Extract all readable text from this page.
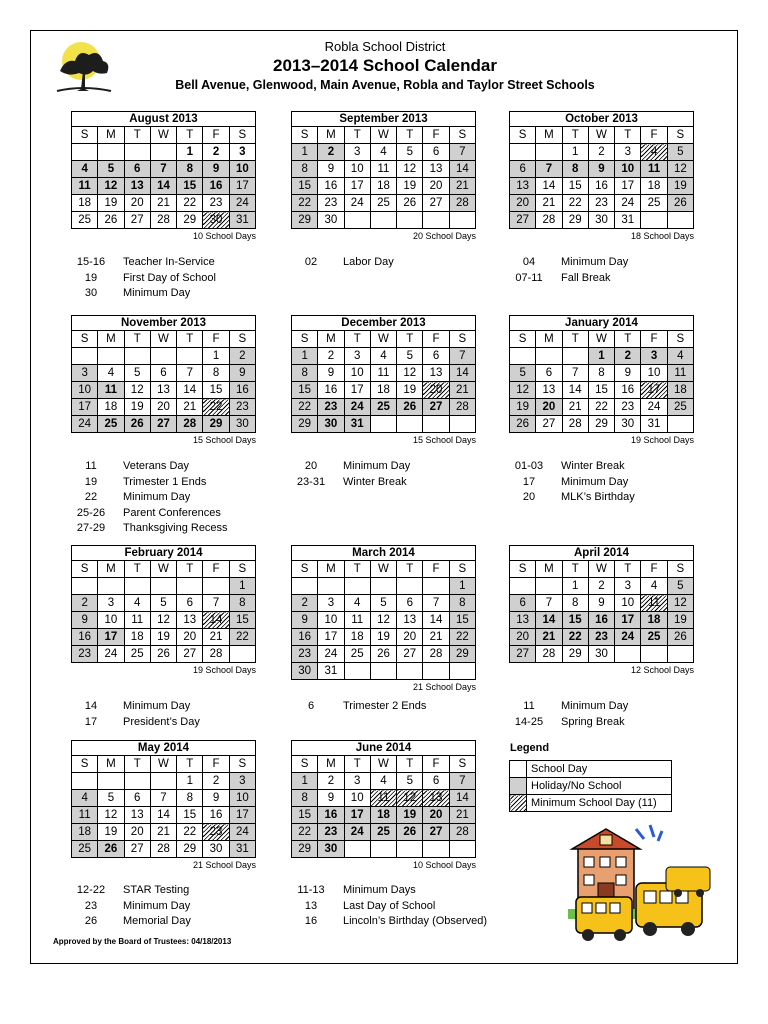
Robla School District
2013–2014 School Calendar
Bell Avenue, Glenwood, Main Avenue, Robla and Taylor Street Schools
August 2013
S	M	T	W	T	F	S
				1	2	3
4	5	6	7	8	9	10
11	12	13	14	15	16	17
18	19	20	21	22	23	24
25	26	27	28	29	30	31
10 School Days
15-16 Teacher In-Service
19 First Day of School
30 Minimum Day
September 2013
S	M	T	W	T	F	S
1	2	3	4	5	6	7
8	9	10	11	12	13	14
15	16	17	18	19	20	21
22	23	24	25	26	27	28
29	30					
20 School Days
02 Labor Day
October 2013
S	M	T	W	T	F	S
		1	2	3	4	5
6	7	8	9	10	11	12
13	14	15	16	17	18	19
20	21	22	23	24	25	26
27	28	29	30	31		
18 School Days
04 Minimum Day
07-11 Fall Break
November 2013
S	M	T	W	T	F	S
					1	2
3	4	5	6	7	8	9
10	11	12	13	14	15	16
17	18	19	20	21	22	23
24	25	26	27	28	29	30
15 School Days
11 Veterans Day
19 Trimester 1 Ends
22 Minimum Day
25-26 Parent Conferences
27-29 Thanksgiving Recess
December 2013
S	M	T	W	T	F	S
1	2	3	4	5	6	7
8	9	10	11	12	13	14
15	16	17	18	19	20	21
22	23	24	25	26	27	28
29	30	31				
15 School Days
20 Minimum Day
23-31 Winter Break
January 2014
S	M	T	W	T	F	S
			1	2	3	4
5	6	7	8	9	10	11
12	13	14	15	16	17	18
19	20	21	22	23	24	25
26	27	28	29	30	31	
19 School Days
01-03 Winter Break
17 Minimum Day
20 MLK’s Birthday
February 2014
S	M	T	W	T	F	S
						1
2	3	4	5	6	7	8
9	10	11	12	13	14	15
16	17	18	19	20	21	22
23	24	25	26	27	28	
19 School Days
14 Minimum Day
17 President’s Day
March 2014
S	M	T	W	T	F	S
						1
2	3	4	5	6	7	8
9	10	11	12	13	14	15
16	17	18	19	20	21	22
23	24	25	26	27	28	29
30	31					
21 School Days
6	Trimester 2 Ends
April 2014
S	M	T	W	T	F	S
		1	2	3	4	5
6	7	8	9	10	11	12
13	14	15	16	17	18	19
20	21	22	23	24	25	26
27	28	29	30			
12 School Days
11 Minimum Day
14-25 Spring Break
May 2014
S	M	T	W	T	F	S
				1	2	3
4	5	6	7	8	9	10
11	12	13	14	15	16	17
18	19	20	21	22	23	24
25	26	27	28	29	30	31
21 School Days
12-22 STAR Testing
23 Minimum Day
26 Memorial Day
June 2014
S	M	T	W	T	F	S
1	2	3	4	5	6	7
8	9	10	11	12	13	14
15	16	17	18	19	20	21
22	23	24	25	26	27	28
29	30					
10 School Days
11-13 Minimum Days
13 Last Day of School
16 Lincoln’s Birthday (Observed)
Legend
	School Day
	Holiday/No School
	Minimum School Day (11)
Approved by the Board of Trustees: 04/18/2013
